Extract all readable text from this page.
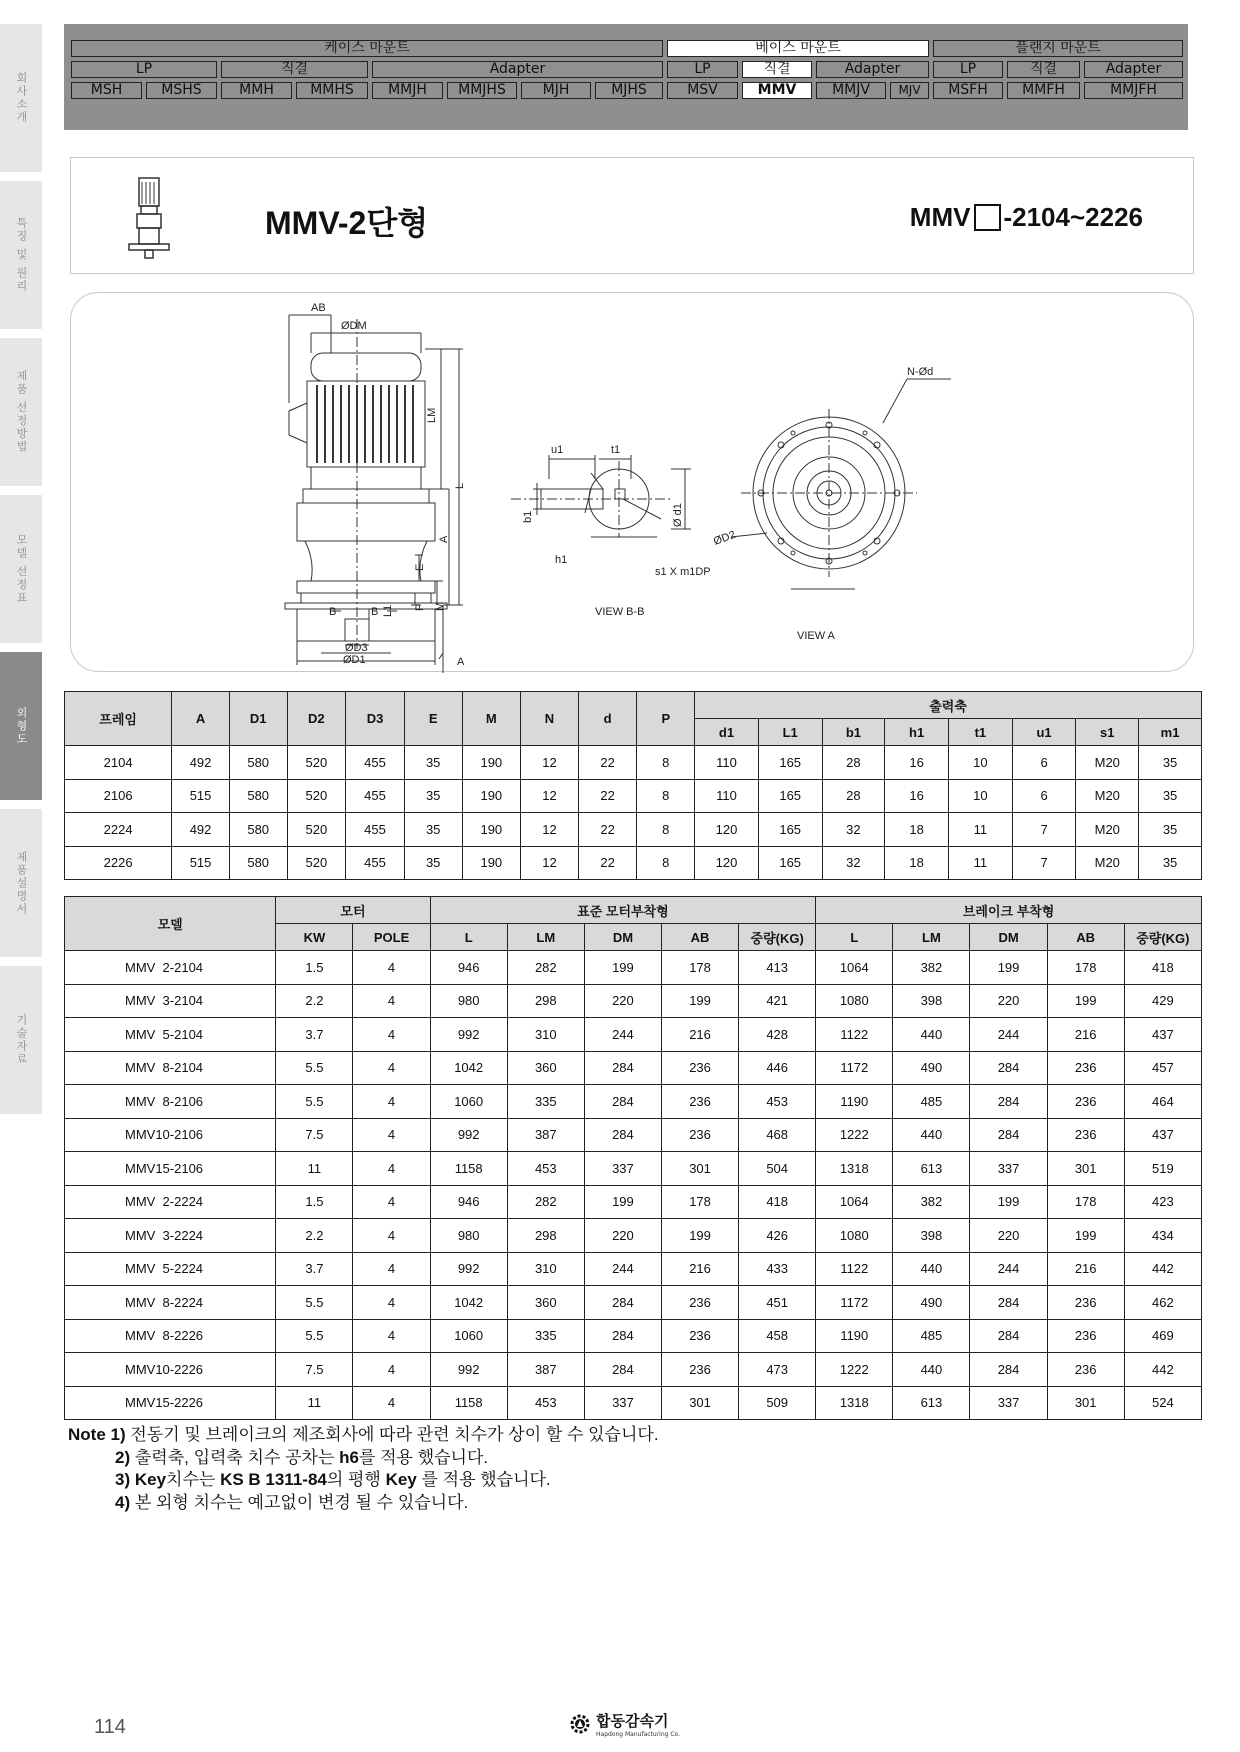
회사소개
특징 및 원리
제품 선정방법
모델 선정표
외형도
제품설명서
기술자료
케이스 마운트	베이스 마운트	플랜지 마운트
LP	직결	Adapter	LP	직결	Adapter	LP	직결	Adapter
MSH	MSHS	MMH	MMHS	MMJH	MMJHS	MJH	MJHS	MSV	MMV	MMJV	MJV	MSFH	MMFH	MMJFH
MMV-2단형	MMV -2104~2226
AB
ØDM
LM
L
A
E
P M
L1
B	B
ØD3
ØD1	A
u1	t1
b1	Ø d1
h1
s1 X m1DP
VIEW B-B
N-Ød
ØD2
VIEW A
프레임	A	D1	D2	D3	E	M	N	d	P	출력축							
										d1	L1	b1	h1	t1	u1	s1	m1
2104	492	580	520	455	35	190	12	22	8	110	165	28	16	10	6	M20	35
2106	515	580	520	455	35	190	12	22	8	110	165	28	16	10	6	M20	35
2224	492	580	520	455	35	190	12	22	8	120	165	32	18	11	7	M20	35
2226	515	580	520	455	35	190	12	22	8	120	165	32	18	11	7	M20	35
모델	모터		표준 모터부착형					브레이크 부착형				
	KW	POLE	L	LM	DM	AB	중량(KG)	L	LM	DM	AB	중량(KG)
MMV  2-2104	1.5	4	946	282	199	178	413	1064	382	199	178	418
MMV  3-2104	2.2	4	980	298	220	199	421	1080	398	220	199	429
MMV  5-2104	3.7	4	992	310	244	216	428	1122	440	244	216	437
MMV  8-2104	5.5	4	1042	360	284	236	446	1172	490	284	236	457
MMV  8-2106	5.5	4	1060	335	284	236	453	1190	485	284	236	464
MMV10-2106	7.5	4	992	387	284	236	468	1222	440	284	236	437
MMV15-2106	11	4	1158	453	337	301	504	1318	613	337	301	519
MMV  2-2224	1.5	4	946	282	199	178	418	1064	382	199	178	423
MMV  3-2224	2.2	4	980	298	220	199	426	1080	398	220	199	434
MMV  5-2224	3.7	4	992	310	244	216	433	1122	440	244	216	442
MMV  8-2224	5.5	4	1042	360	284	236	451	1172	490	284	236	462
MMV  8-2226	5.5	4	1060	335	284	236	458	1190	485	284	236	469
MMV10-2226	7.5	4	992	387	284	236	473	1222	440	284	236	442
MMV15-2226	11	4	1158	453	337	301	509	1318	613	337	301	524
Note 1) 전동기 및 브레이크의 제조회사에 따라 관련 치수가 상이 할 수 있습니다.
2) 출력축, 입력축 치수 공차는 h6를 적용 했습니다.
3) Key치수는 KS B 1311-84의 평행 Key 를 적용 했습니다.
4) 본 외형 치수는 예고없이 변경 될 수 있습니다.
114	합동감속기
Hapdong Manufacturing Co.
